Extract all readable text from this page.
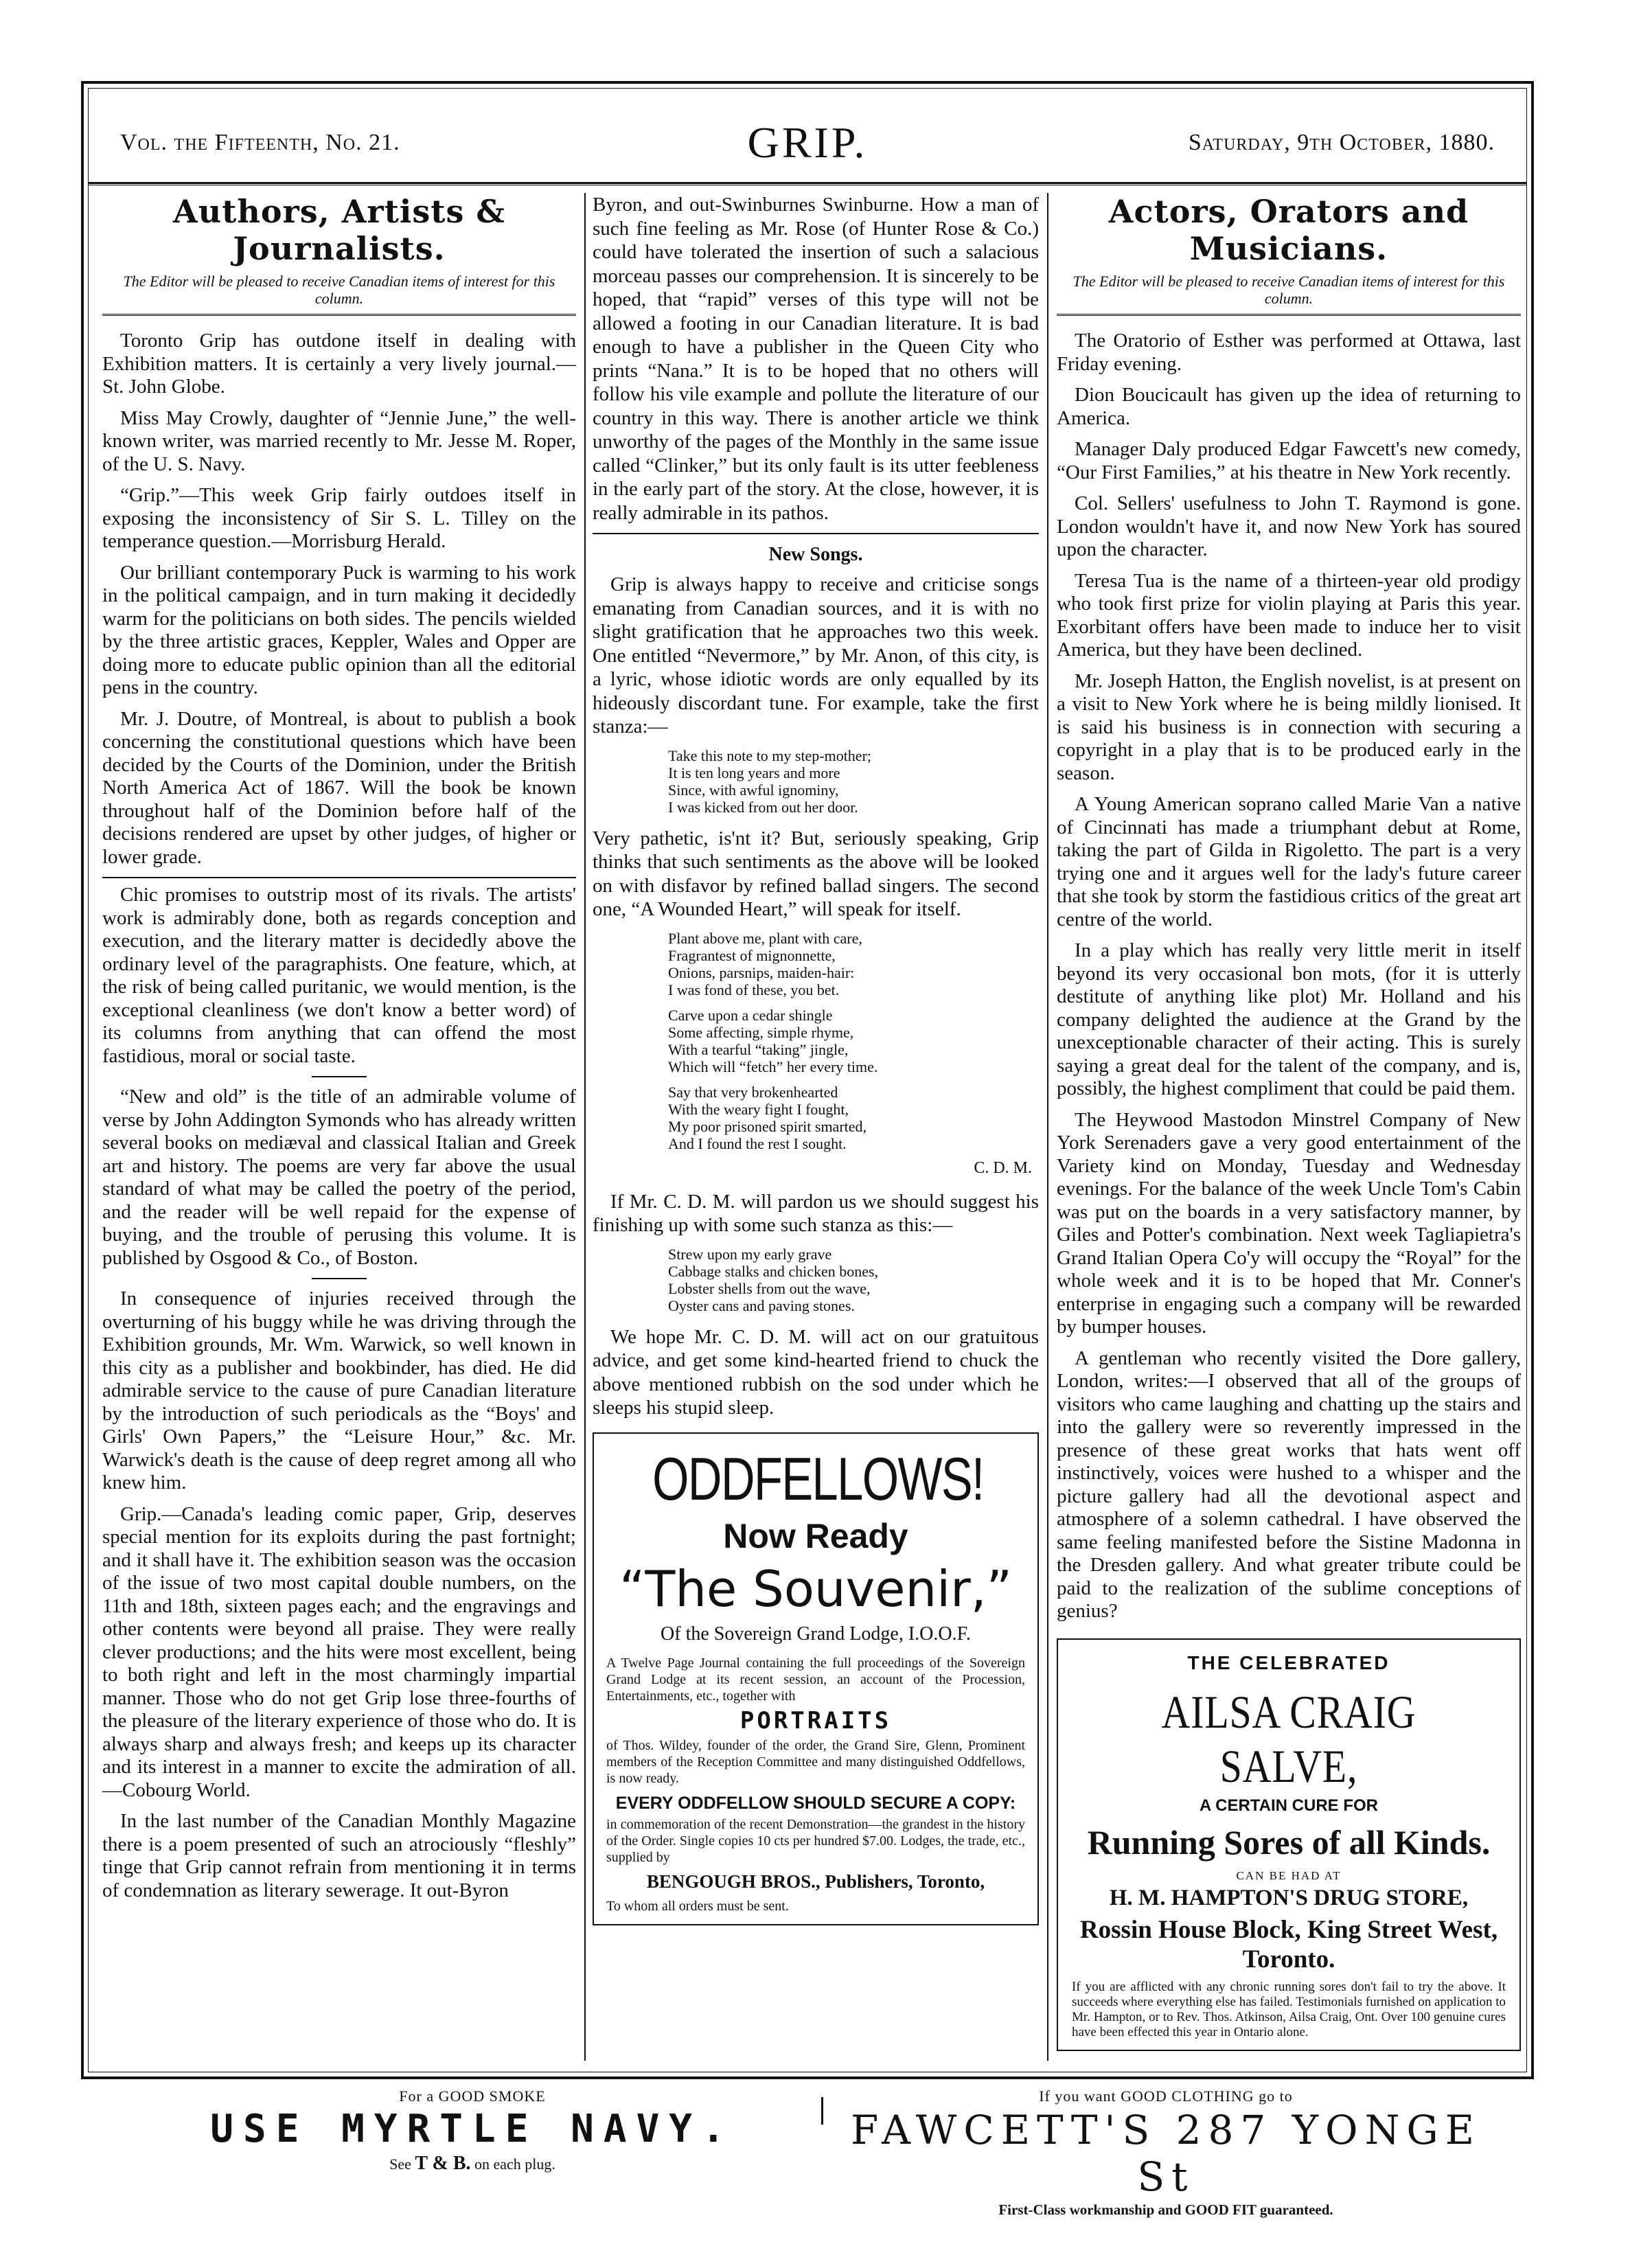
Vol. the Fifteenth, No. 21.	GRIP.	Saturday, 9th October, 1880.
Authors, Artists & Journalists.
The Editor will be pleased to receive Canadian items of interest for this column.

Toronto Grip has outdone itself in dealing with Exhibition matters. It is certainly a very lively journal.—St. John Globe.

Miss May Crowly, daughter of “Jennie June,” the well-known writer, was married recently to Mr. Jesse M. Roper, of the U. S. Navy.

“Grip.”—This week Grip fairly outdoes itself in exposing the inconsistency of Sir S. L. Tilley on the temperance question.—Morrisburg Herald.

Our brilliant contemporary Puck is warming to his work in the political campaign, and in turn making it decidedly warm for the politicians on both sides. The pencils wielded by the three artistic graces, Keppler, Wales and Opper are doing more to educate public opinion than all the editorial pens in the country.

Mr. J. Doutre, of Montreal, is about to publish a book concerning the constitutional questions which have been decided by the Courts of the Dominion, under the British North America Act of 1867. Will the book be known throughout half of the Dominion before half of the decisions rendered are upset by other judges, of higher or lower grade.

Chic promises to outstrip most of its rivals. The artists' work is admirably done, both as regards conception and execution, and the literary matter is decidedly above the ordinary level of the paragraphists. One feature, which, at the risk of being called puritanic, we would mention, is the exceptional cleanliness (we don't know a better word) of its columns from anything that can offend the most fastidious, moral or social taste.

“New and old” is the title of an admirable volume of verse by John Addington Symonds who has already written several books on mediæval and classical Italian and Greek art and history. The poems are very far above the usual standard of what may be called the poetry of the period, and the reader will be well repaid for the expense of buying, and the trouble of perusing this volume. It is published by Osgood & Co., of Boston.

In consequence of injuries received through the overturning of his buggy while he was driving through the Exhibition grounds, Mr. Wm. Warwick, so well known in this city as a publisher and bookbinder, has died. He did admirable service to the cause of pure Canadian literature by the introduction of such periodicals as the “Boys' and Girls' Own Papers,” the “Leisure Hour,” &c. Mr. Warwick's death is the cause of deep regret among all who knew him.

Grip.—Canada's leading comic paper, Grip, deserves special mention for its exploits during the past fortnight; and it shall have it. The exhibition season was the occasion of the issue of two most capital double numbers, on the 11th and 18th, sixteen pages each; and the engravings and other contents were beyond all praise. They were really clever productions; and the hits were most excellent, being to both right and left in the most charmingly impartial manner. Those who do not get Grip lose three-fourths of the pleasure of the literary experience of those who do. It is always sharp and always fresh; and keeps up its character and its interest in a manner to excite the admiration of all.—Cobourg World.

In the last number of the Canadian Monthly Magazine there is a poem presented of such an atrociously “fleshly” tinge that Grip cannot refrain from mentioning it in terms of condemnation as literary sewerage. It out-Byron

Byron, and out-Swinburnes Swinburne. How a man of such fine feeling as Mr. Rose (of Hunter Rose & Co.) could have tolerated the insertion of such a salacious morceau passes our comprehension. It is sincerely to be hoped, that “rapid” verses of this type will not be allowed a footing in our Canadian literature. It is bad enough to have a publisher in the Queen City who prints “Nana.” It is to be hoped that no others will follow his vile example and pollute the literature of our country in this way. There is another article we think unworthy of the pages of the Monthly in the same issue called “Clinker,” but its only fault is its utter feebleness in the early part of the story. At the close, however, it is really admirable in its pathos.

New Songs.

Grip is always happy to receive and criticise songs emanating from Canadian sources, and it is with no slight gratification that he approaches two this week. One entitled “Nevermore,” by Mr. Anon, of this city, is a lyric, whose idiotic words are only equalled by its hideously discordant tune. For example, take the first stanza:—

Take this note to my step-mother;
It is ten long years and more
Since, with awful ignominy,
I was kicked from out her door.

Very pathetic, is'nt it? But, seriously speaking, Grip thinks that such sentiments as the above will be looked on with disfavor by refined ballad singers. The second one, “A Wounded Heart,” will speak for itself.

Plant above me, plant with care,
Fragrantest of mignonnette,
Onions, parsnips, maiden-hair:
I was fond of these, you bet.
Carve upon a cedar shingle
Some affecting, simple rhyme,
With a tearful “taking” jingle,
Which will “fetch” her every time.
Say that very brokenhearted
With the weary fight I fought,
My poor prisoned spirit smarted,
And I found the rest I sought.
C. D. M.

If Mr. C. D. M. will pardon us we should suggest his finishing up with some such stanza as this:—

Strew upon my early grave
Cabbage stalks and chicken bones,
Lobster shells from out the wave,
Oyster cans and paving stones.

We hope Mr. C. D. M. will act on our gratuitous advice, and get some kind-hearted friend to chuck the above mentioned rubbish on the sod under which he sleeps his stupid sleep.

ODDFELLOWS!
Now Ready
“The Souvenir,”
Of the Sovereign Grand Lodge, I.O.O.F.
A Twelve Page Journal containing the full proceedings of the Sovereign Grand Lodge at its recent session, an account of the Procession, Entertainments, etc., together with
PORTRAITS
of Thos. Wildey, founder of the order, the Grand Sire, Glenn, Prominent members of the Reception Committee and many distinguished Oddfellows, is now ready.
EVERY ODDFELLOW SHOULD SECURE A COPY:
in commemoration of the recent Demonstration—the grandest in the history of the Order. Single copies 10 cts per hundred $7.00. Lodges, the trade, etc., supplied by
BENGOUGH BROS., Publishers, Toronto,
To whom all orders must be sent.
Actors, Orators and Musicians.
The Editor will be pleased to receive Canadian items of interest for this column.

The Oratorio of Esther was performed at Ottawa, last Friday evening.

Dion Boucicault has given up the idea of returning to America.

Manager Daly produced Edgar Fawcett's new comedy, “Our First Families,” at his theatre in New York recently.

Col. Sellers' usefulness to John T. Raymond is gone. London wouldn't have it, and now New York has soured upon the character.

Teresa Tua is the name of a thirteen-year old prodigy who took first prize for violin playing at Paris this year. Exorbitant offers have been made to induce her to visit America, but they have been declined.

Mr. Joseph Hatton, the English novelist, is at present on a visit to New York where he is being mildly lionised. It is said his business is in connection with securing a copyright in a play that is to be produced early in the season.

A Young American soprano called Marie Van a native of Cincinnati has made a triumphant debut at Rome, taking the part of Gilda in Rigoletto. The part is a very trying one and it argues well for the lady's future career that she took by storm the fastidious critics of the great art centre of the world.

In a play which has really very little merit in itself beyond its very occasional bon mots, (for it is utterly destitute of anything like plot) Mr. Holland and his company delighted the audience at the Grand by the unexceptionable character of their acting. This is surely saying a great deal for the talent of the company, and is, possibly, the highest compliment that could be paid them.

The Heywood Mastodon Minstrel Company of New York Serenaders gave a very good entertainment of the Variety kind on Monday, Tuesday and Wednesday evenings. For the balance of the week Uncle Tom's Cabin was put on the boards in a very satisfactory manner, by Giles and Potter's combination. Next week Tagliapietra's Grand Italian Opera Co'y will occupy the “Royal” for the whole week and it is to be hoped that Mr. Conner's enterprise in engaging such a company will be rewarded by bumper houses.

A gentleman who recently visited the Dore gallery, London, writes:—I observed that all of the groups of visitors who came laughing and chatting up the stairs and into the gallery were so reverently impressed in the presence of these great works that hats went off instinctively, voices were hushed to a whisper and the picture gallery had all the devotional aspect and atmosphere of a solemn cathedral. I have observed the same feeling manifested before the Sistine Madonna in the Dresden gallery. And what greater tribute could be paid to the realization of the sublime conceptions of genius?

THE CELEBRATED
AILSA CRAIG SALVE,
A CERTAIN CURE FOR
Running Sores of all Kinds.
CAN BE HAD AT
H. M. HAMPTON'S DRUG STORE,
Rossin House Block, King Street West, Toronto.
If you are afflicted with any chronic running sores don't fail to try the above. It succeeds where everything else has failed. Testimonials furnished on application to Mr. Hampton, or to Rev. Thos. Atkinson, Ailsa Craig, Ont. Over 100 genuine cures have been effected this year in Ontario alone.
For a GOOD SMOKE
USE MYRTLE NAVY.
See T & B. on each plug.
If you want GOOD CLOTHING go to
FAWCETT'S 287 YONGE St
First-Class workmanship and GOOD FIT guaranteed.
